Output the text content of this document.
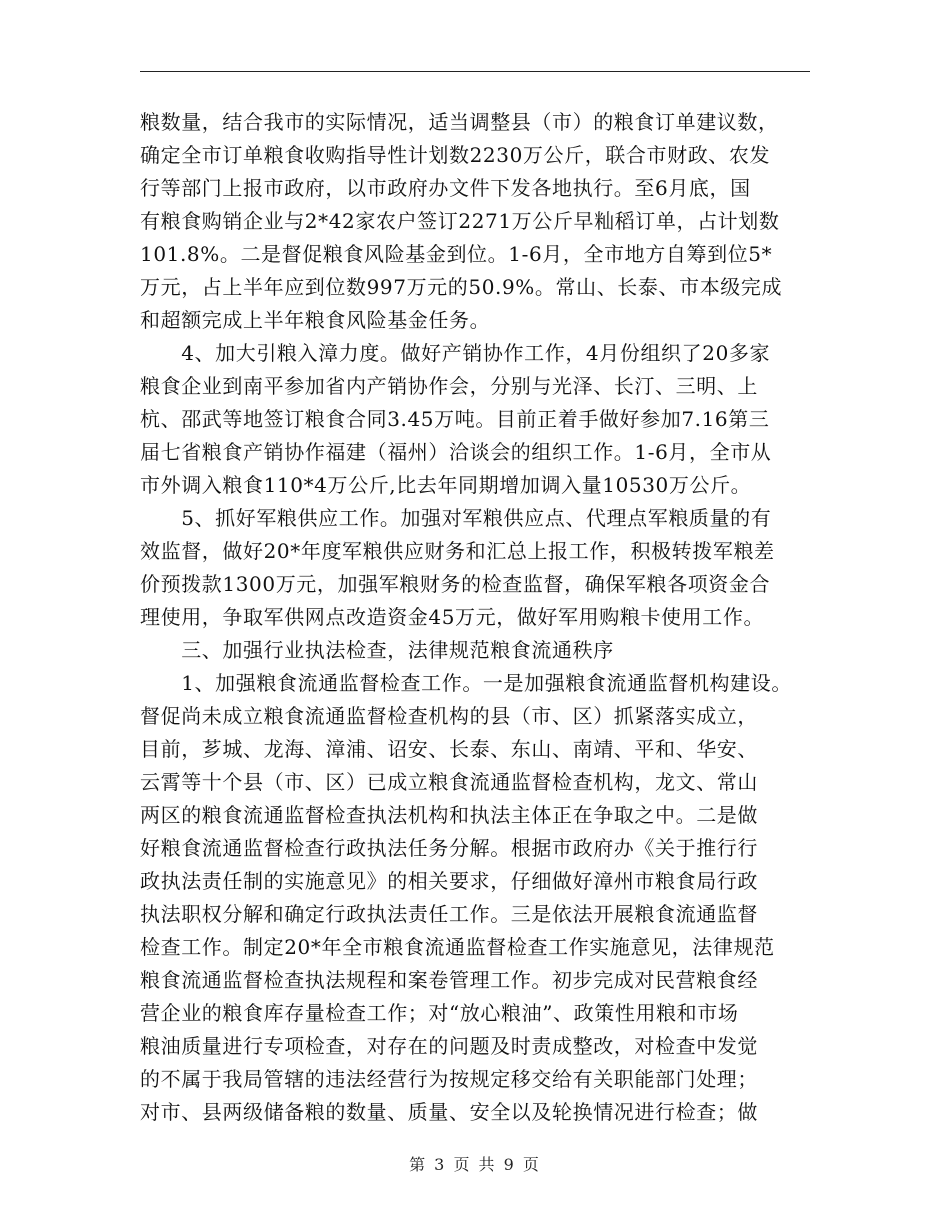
粮数量，结合我市的实际情况，适当调整县（市）的粮食订单建议数，
确定全市订单粮食收购指导性计划数2230万公斤，联合市财政、农发
行等部门上报市政府，以市政府办文件下发各地执行。至6月底，国
有粮食购销企业与2*42家农户签订2271万公斤早籼稻订单，占计划数
101.8%。二是督促粮食风险基金到位。1-6月，全市地方自筹到位5*
万元，占上半年应到位数997万元的50.9%。常山、长泰、市本级完成
和超额完成上半年粮食风险基金任务。
　　4、加大引粮入漳力度。做好产销协作工作，4月份组织了20多家
粮食企业到南平参加省内产销协作会，分别与光泽、长汀、三明、上
杭、邵武等地签订粮食合同3.45万吨。目前正着手做好参加7.16第三
届七省粮食产销协作福建（福州）洽谈会的组织工作。1-6月，全市从
市外调入粮食110*4万公斤,比去年同期增加调入量10530万公斤。
　　5、抓好军粮供应工作。加强对军粮供应点、代理点军粮质量的有
效监督，做好20*年度军粮供应财务和汇总上报工作，积极转拨军粮差
价预拨款1300万元，加强军粮财务的检查监督，确保军粮各项资金合
理使用，争取军供网点改造资金45万元，做好军用购粮卡使用工作。
　　三、加强行业执法检查，法律规范粮食流通秩序
　　1、加强粮食流通监督检查工作。一是加强粮食流通监督机构建设。
督促尚未成立粮食流通监督检查机构的县（市、区）抓紧落实成立，
目前，芗城、龙海、漳浦、诏安、长泰、东山、南靖、平和、华安、
云霄等十个县（市、区）已成立粮食流通监督检查机构，龙文、常山
两区的粮食流通监督检查执法机构和执法主体正在争取之中。二是做
好粮食流通监督检查行政执法任务分解。根据市政府办《关于推行行
政执法责任制的实施意见》的相关要求，仔细做好漳州市粮食局行政
执法职权分解和确定行政执法责任工作。三是依法开展粮食流通监督
检查工作。制定20*年全市粮食流通监督检查工作实施意见，法律规范
粮食流通监督检查执法规程和案卷管理工作。初步完成对民营粮食经
营企业的粮食库存量检查工作；对“放心粮油”、政策性用粮和市场
粮油质量进行专项检查，对存在的问题及时责成整改，对检查中发觉
的不属于我局管辖的违法经营行为按规定移交给有关职能部门处理；
对市、县两级储备粮的数量、质量、安全以及轮换情况进行检查；做
第 3 页 共 9 页
